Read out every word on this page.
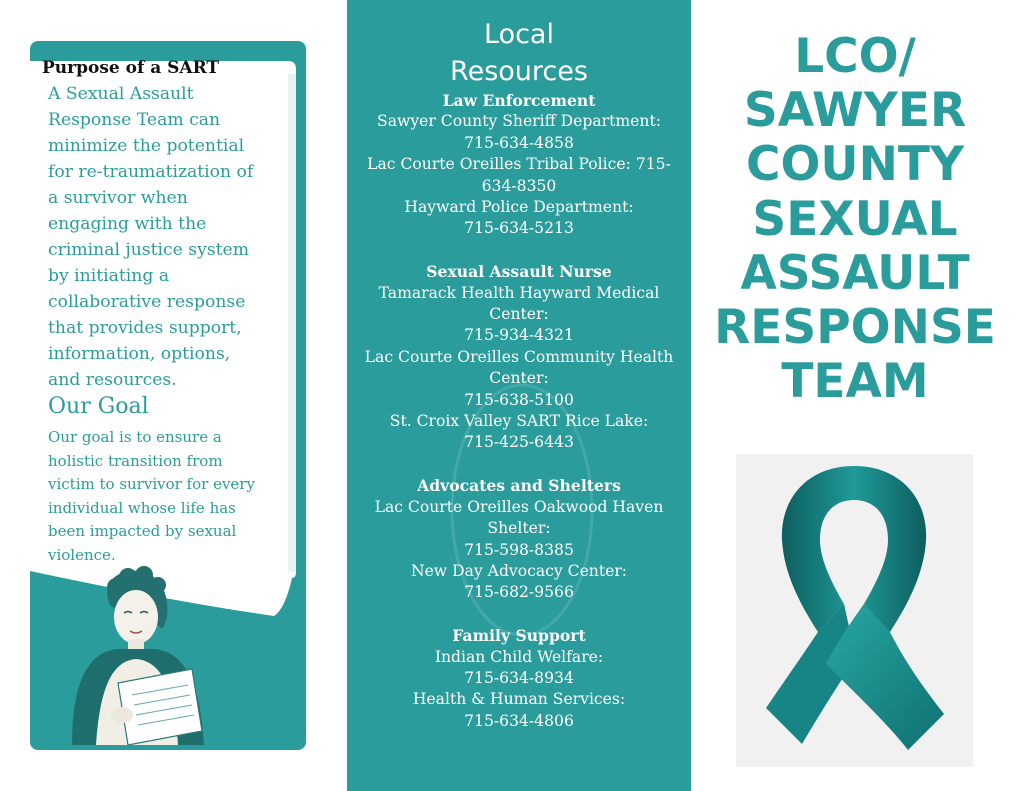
Purpose of a SART
A Sexual Assault
Response Team can
minimize the potential
for re-traumatization of
a survivor when
engaging with the
criminal justice system
by initiating a
collaborative response
that provides support,
information, options,
and resources.
Our Goal
Our goal is to ensure a
holistic transition from
victim to survivor for every
individual whose life has
been impacted by sexual
violence.
Local
Resources
Law Enforcement
Sawyer County Sheriff Department:
715-634-4858
Lac Courte Oreilles Tribal Police: 715-
634-8350
Hayward Police Department:
715-634-5213
Sexual Assault Nurse
Tamarack Health Hayward Medical
Center:
715-934-4321
Lac Courte Oreilles Community Health
Center:
715-638-5100
St. Croix Valley SART Rice Lake:
715-425-6443
Advocates and Shelters
Lac Courte Oreilles Oakwood Haven
Shelter:
715-598-8385
New Day Advocacy Center:
715-682-9566
Family Support
Indian Child Welfare:
715-634-8934
Health & Human Services:
715-634-4806
LCO/
SAWYER
COUNTY
SEXUAL
ASSAULT
RESPONSE
TEAM
